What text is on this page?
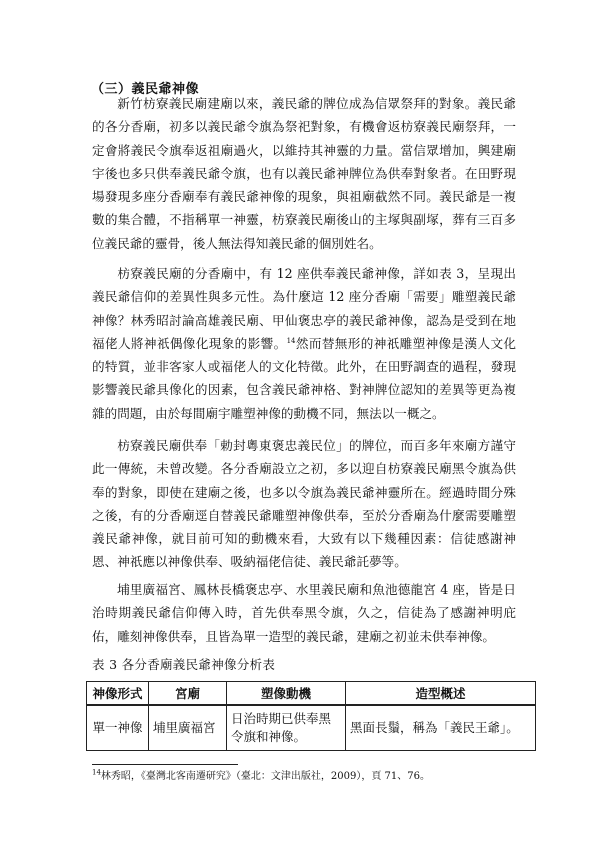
（三）義民爺神像

新竹枋寮義民廟建廟以來，義民爺的牌位成為信眾祭拜的對象。義民爺的各分香廟，初多以義民爺令旗為祭祀對象，有機會返枋寮義民廟祭拜，一定會將義民令旗奉返祖廟過火，以維持其神靈的力量。當信眾增加，興建廟宇後也多只供奉義民爺令旗，也有以義民爺神牌位為供奉對象者。在田野現場發現多座分香廟奉有義民爺神像的現象，與祖廟截然不同。義民爺是一複數的集合體，不指稱單一神靈，枋寮義民廟後山的主塚與副塚，葬有三百多位義民爺的靈骨，後人無法得知義民爺的個別姓名。

枋寮義民廟的分香廟中，有 12 座供奉義民爺神像，詳如表 3，呈現出義民爺信仰的差異性與多元性。為什麼這 12 座分香廟「需要」雕塑義民爺神像？林秀昭討論高雄義民廟、甲仙褒忠亭的義民爺神像，認為是受到在地福佬人將神祇偶像化現象的影響。$^{14}$然而替無形的神祇雕塑神像是漢人文化的特質，並非客家人或福佬人的文化特徵。此外，在田野調查的過程，發現影響義民爺具像化的因素，包含義民爺神格、對神牌位認知的差異等更為複雜的問題，由於每間廟宇雕塑神像的動機不同，無法以一概之。

枋寮義民廟供奉「勅封粵東褒忠義民位」的牌位，而百多年來廟方謹守此一傳統，未曾改變。各分香廟設立之初，多以迎自枋寮義民廟黑令旗為供奉的對象，即使在建廟之後，也多以令旗為義民爺神靈所在。經過時間分殊之後，有的分香廟逕自替義民爺雕塑神像供奉，至於分香廟為什麼需要雕塑義民爺神像，就目前可知的動機來看，大致有以下幾種因素：信徒感謝神恩、神祇應以神像供奉、吸納福佬信徒、義民爺託夢等。

埔里廣福宮、鳳林長橋褒忠亭、水里義民廟和魚池德龍宮 4 座，皆是日治時期義民爺信仰傳入時，首先供奉黑令旗，久之，信徒為了感謝神明庇佑，雕刻神像供奉，且皆為單一造型的義民爺，建廟之初並未供奉神像。

表 3 各分香廟義民爺神像分析表
神像形式	宮廟	塑像動機	造型概述
單一神像	埔里廣福宮	日治時期已供奉黑令旗和神像。	黑面長鬚，稱為「義民王爺」。
$^{14}$林秀昭，《臺灣北客南遷研究》（臺北：文津出版社，2009），頁 71、76。
